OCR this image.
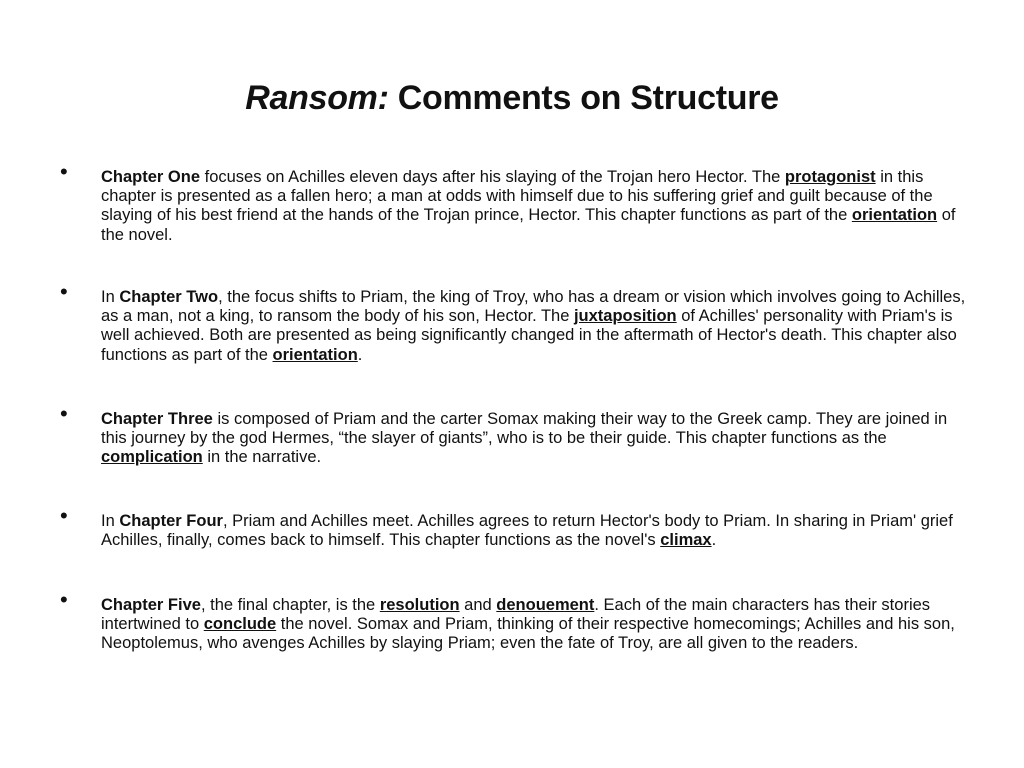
Ransom: Comments on Structure
• Chapter One focuses on Achilles eleven days after his slaying of the Trojan hero Hector. The protagonist in this chapter is presented as a fallen hero; a man at odds with himself due to his suffering grief and guilt because of the slaying of his best friend at the hands of the Trojan prince, Hector. This chapter functions as part of the orientation of the novel.
• In Chapter Two, the focus shifts to Priam, the king of Troy, who has a dream or vision which involves going to Achilles, as a man, not a king, to ransom the body of his son, Hector. The juxtaposition of Achilles' personality with Priam's is well achieved. Both are presented as being significantly changed in the aftermath of Hector's death. This chapter also functions as part of the orientation.
• Chapter Three is composed of Priam and the carter Somax making their way to the Greek camp. They are joined in this journey by the god Hermes, “the slayer of giants”, who is to be their guide. This chapter functions as the complication in the narrative.
• In Chapter Four, Priam and Achilles meet. Achilles agrees to return Hector's body to Priam. In sharing in Priam' grief Achilles, finally, comes back to himself. This chapter functions as the novel's climax.
• Chapter Five, the final chapter, is the resolution and denouement. Each of the main characters has their stories intertwined to conclude the novel. Somax and Priam, thinking of their respective homecomings; Achilles and his son, Neoptolemus, who avenges Achilles by slaying Priam; even the fate of Troy, are all given to the readers.
